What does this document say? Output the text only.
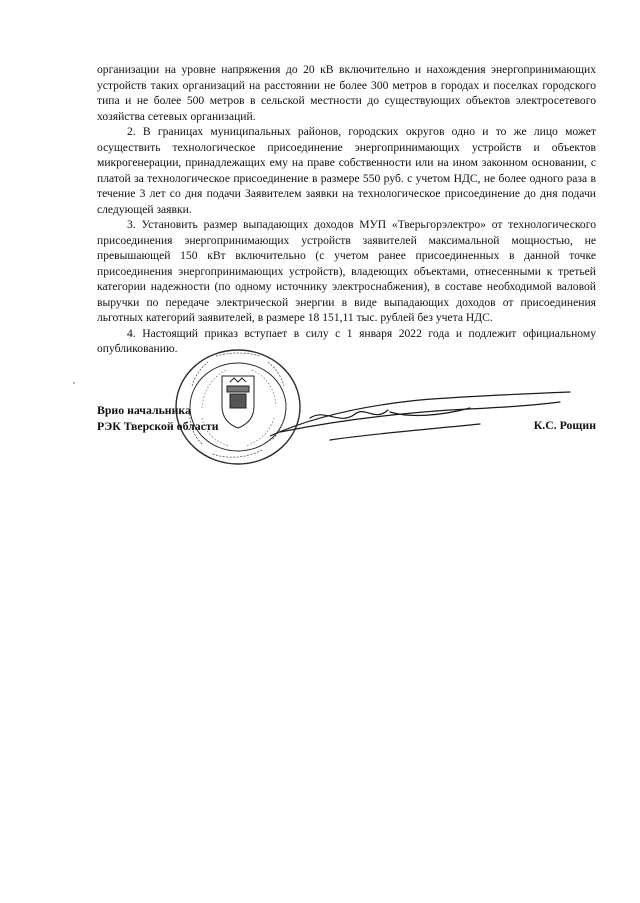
организации на уровне напряжения до 20 кВ включительно и нахождения энергопринимающих устройств таких организаций на расстоянии не более 300 метров в городах и поселках городского типа и не более 500 метров в сельской местности до существующих объектов электросетевого хозяйства сетевых организаций.

2. В границах муниципальных районов, городских округов одно и то же лицо может осуществить технологическое присоединение энергопринимающих устройств и объектов микрогенерации, принадлежащих ему на праве собственности или на ином законном основании, с платой за технологическое присоединение в размере 550 руб. с учетом НДС, не более одного раза в течение 3 лет со дня подачи Заявителем заявки на технологическое присоединение до дня подачи следующей заявки.

3. Установить размер выпадающих доходов МУП «Тверьгорэлектро» от технологического присоединения энергопринимающих устройств заявителей максимальной мощностью, не превышающей 150 кВт включительно (с учетом ранее присоединенных в данной точке присоединения энергопринимающих устройств), владеющих объектами, отнесенными к третьей категории надежности (по одному источнику электроснабжения), в составе необходимой валовой выручки по передаче электрической энергии в виде выпадающих доходов от присоединения льготных категорий заявителей, в размере 18 151,11 тыс. рублей без учета НДС.

4. Настоящий приказ вступает в силу с 1 января 2022 года и подлежит официальному опубликованию.

Врио начальника
РЭК Тверской области	К.С. Рощин
